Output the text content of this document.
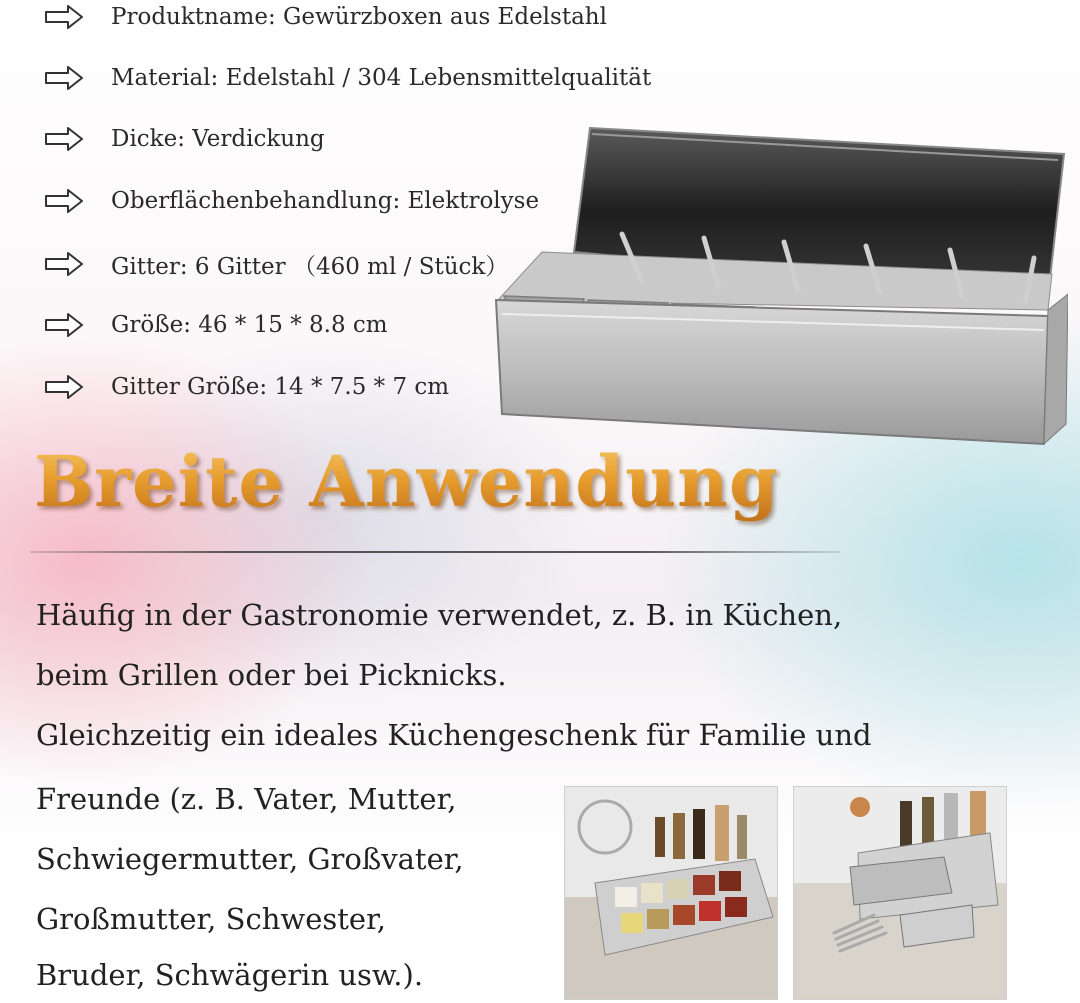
Produktname: Gewürzboxen aus Edelstahl
Material: Edelstahl / 304 Lebensmittelqualität
Dicke: Verdickung
Oberflächenbehandlung: Elektrolyse
Gitter: 6 Gitter （460 ml / Stück）
Größe: 46 * 15 * 8.8 cm
Gitter Größe: 14 * 7.5 * 7 cm
Breite Anwendung
Häufig in der Gastronomie verwendet, z. B. in Küchen,
beim Grillen oder bei Picknicks.
Gleichzeitig ein ideales Küchengeschenk für Familie und
Freunde (z. B. Vater, Mutter,
Schwiegermutter, Großvater,
Großmutter, Schwester,
Bruder, Schwägerin usw.).
